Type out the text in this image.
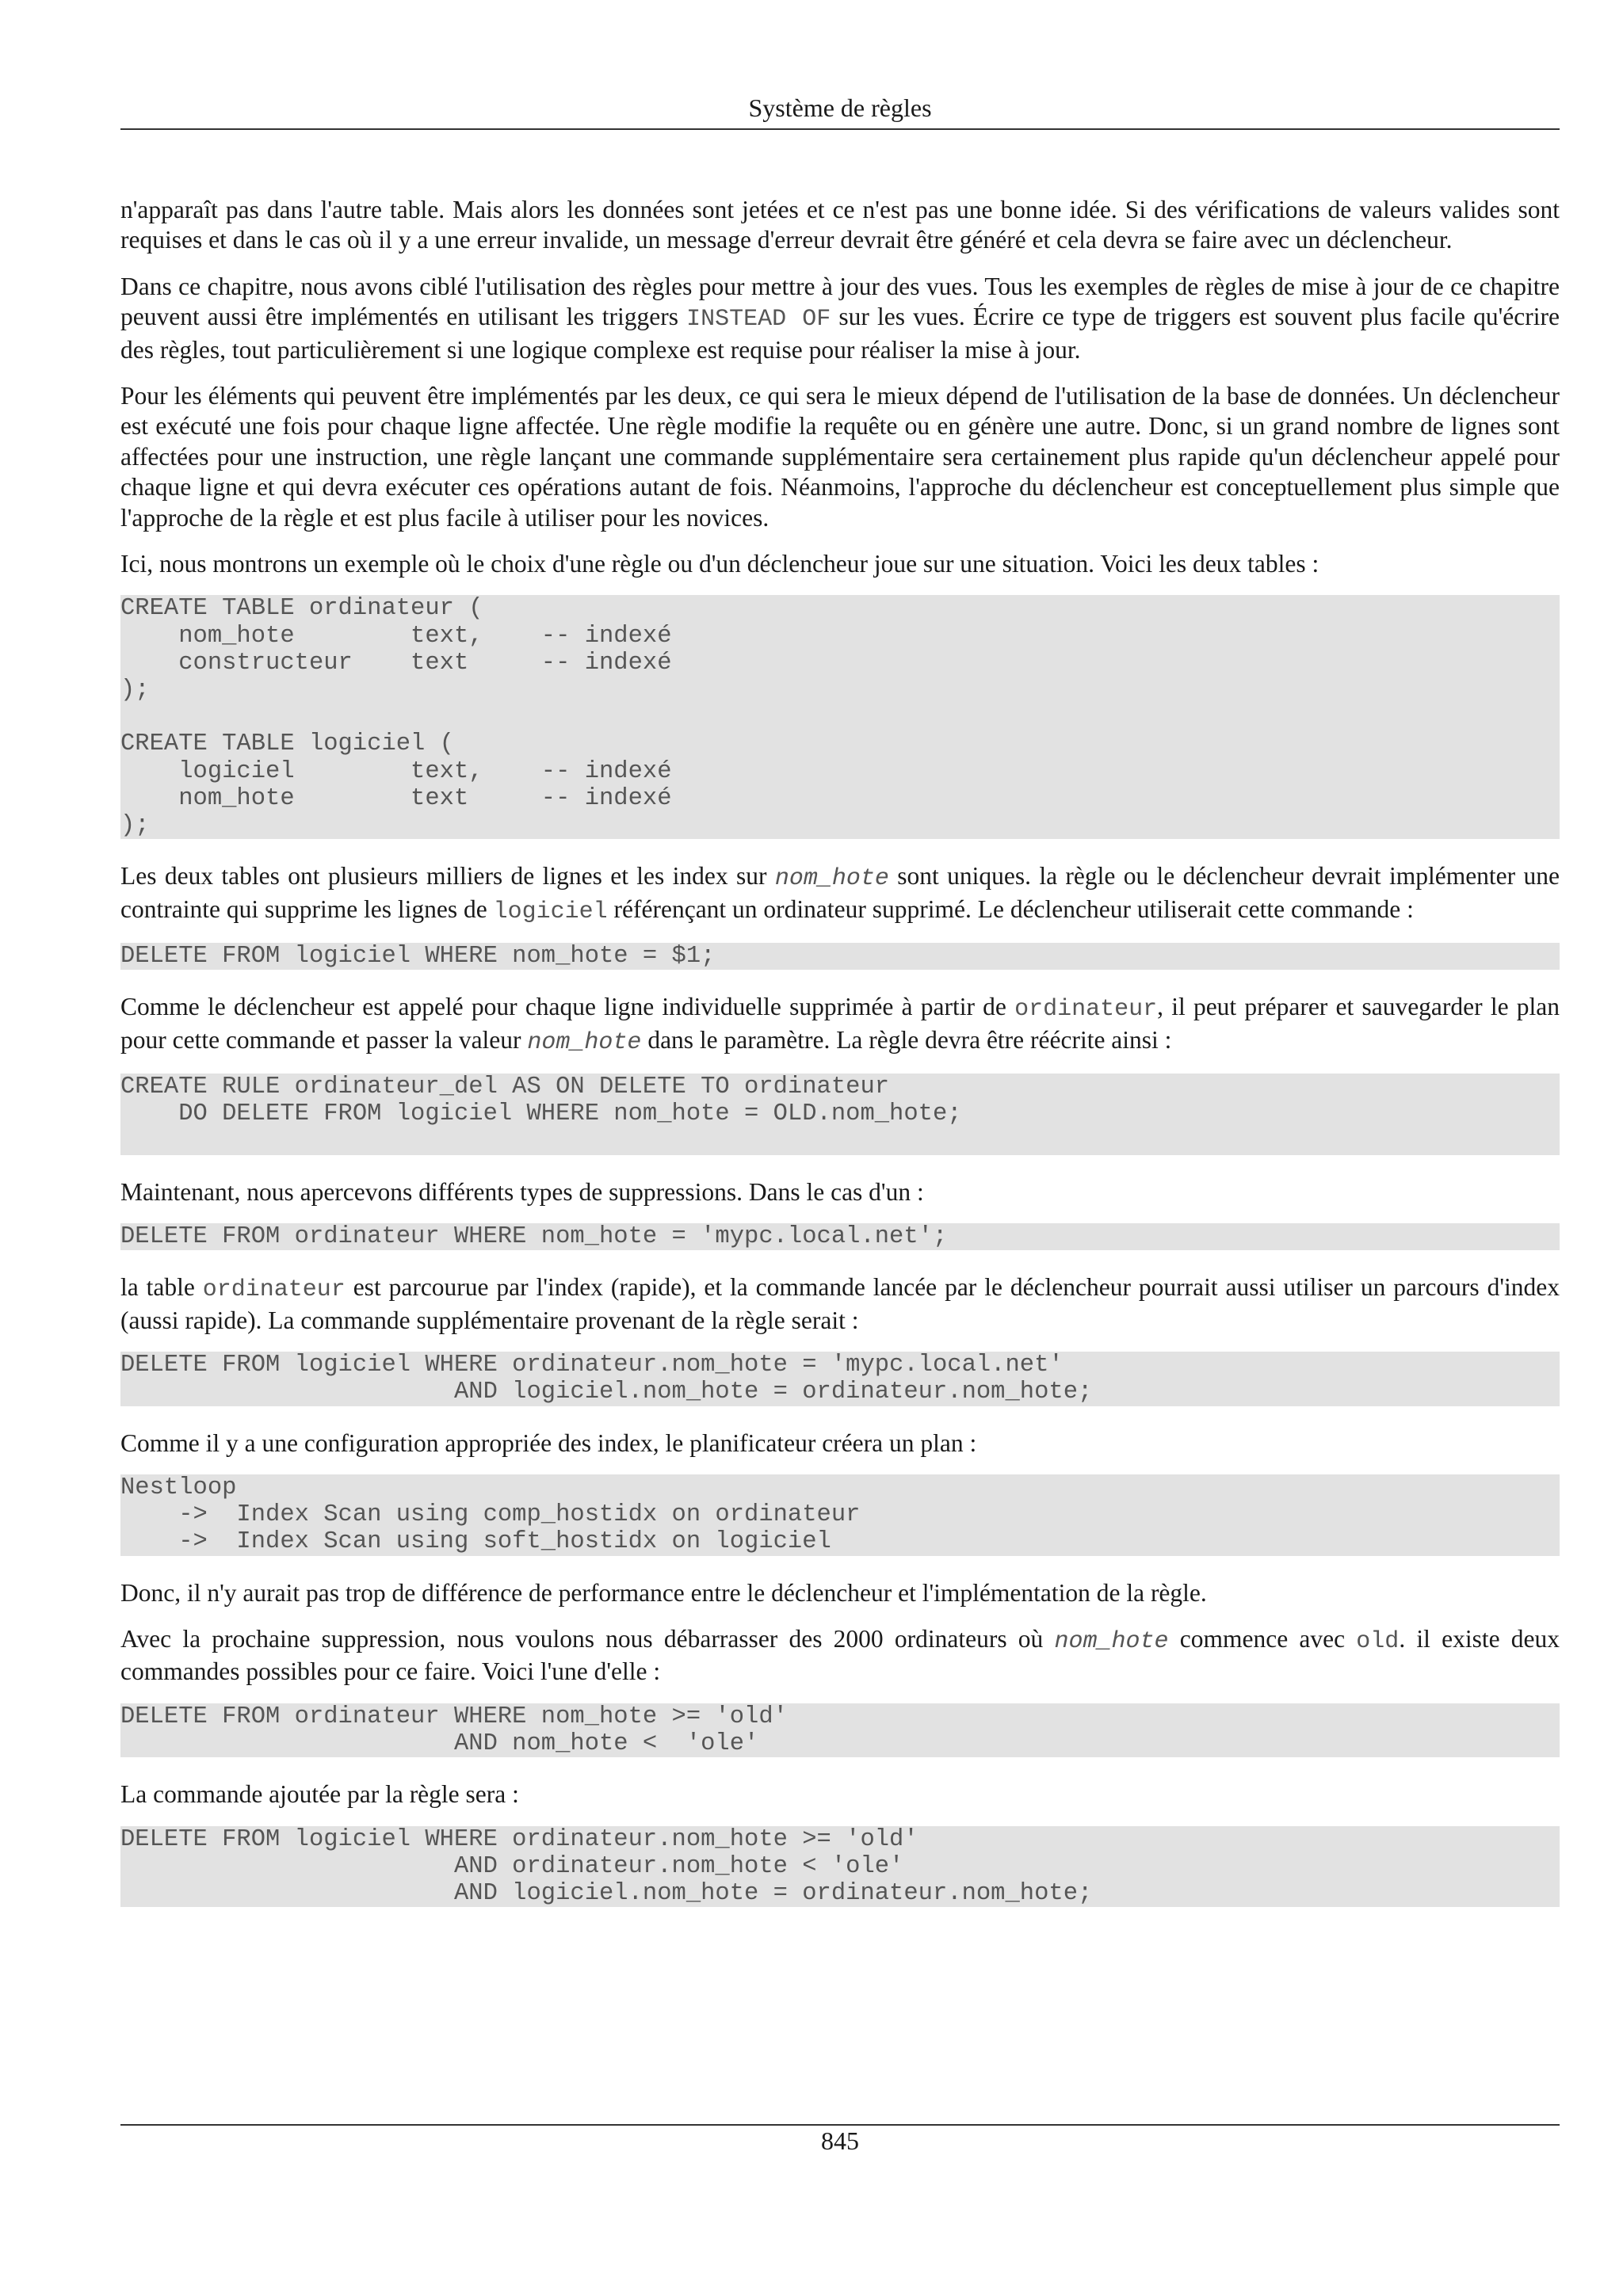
Système de règles

n'apparaît pas dans l'autre table. Mais alors les données sont jetées et ce n'est pas une bonne idée. Si des vérifications de valeurs valides sont requises et dans le cas où il y a une erreur invalide, un message d'erreur devrait être généré et cela devra se faire avec un déclencheur.

Dans ce chapitre, nous avons ciblé l'utilisation des règles pour mettre à jour des vues. Tous les exemples de règles de mise à jour de ce chapitre peuvent aussi être implémentés en utilisant les triggers INSTEAD OF sur les vues. Écrire ce type de triggers est souvent plus facile qu'écrire des règles, tout particulièrement si une logique complexe est requise pour réaliser la mise à jour.

Pour les éléments qui peuvent être implémentés par les deux, ce qui sera le mieux dépend de l'utilisation de la base de données. Un déclencheur est exécuté une fois pour chaque ligne affectée. Une règle modifie la requête ou en génère une autre. Donc, si un grand nombre de lignes sont affectées pour une instruction, une règle lançant une commande supplémentaire sera certainement plus rapide qu'un déclencheur appelé pour chaque ligne et qui devra exécuter ces opérations autant de fois. Néanmoins, l'approche du déclencheur est conceptuellement plus simple que l'approche de la règle et est plus facile à utiliser pour les novices.

Ici, nous montrons un exemple où le choix d'une règle ou d'un déclencheur joue sur une situation. Voici les deux tables :

CREATE TABLE ordinateur (
nom_hote        text,    -- indexé
constructeur    text     -- indexé
);

CREATE TABLE logiciel (
logiciel        text,    -- indexé
nom_hote        text     -- indexé
);

Les deux tables ont plusieurs milliers de lignes et les index sur nom_hote sont uniques. la règle ou le déclencheur devrait implémenter une contrainte qui supprime les lignes de logiciel référençant un ordinateur supprimé. Le déclencheur utiliserait cette commande :

DELETE FROM logiciel WHERE nom_hote = $1;

Comme le déclencheur est appelé pour chaque ligne individuelle supprimée à partir de ordinateur, il peut préparer et sauvegarder le plan pour cette commande et passer la valeur nom_hote dans le paramètre. La règle devra être réécrite ainsi :

CREATE RULE ordinateur_del AS ON DELETE TO ordinateur
DO DELETE FROM logiciel WHERE nom_hote = OLD.nom_hote;

Maintenant, nous apercevons différents types de suppressions. Dans le cas d'un :

DELETE FROM ordinateur WHERE nom_hote = 'mypc.local.net';

la table ordinateur est parcourue par l'index (rapide), et la commande lancée par le déclencheur pourrait aussi utiliser un parcours d'index (aussi rapide). La commande supplémentaire provenant de la règle serait :

DELETE FROM logiciel WHERE ordinateur.nom_hote = 'mypc.local.net'
AND logiciel.nom_hote = ordinateur.nom_hote;

Comme il y a une configuration appropriée des index, le planificateur créera un plan :

Nestloop
->  Index Scan using comp_hostidx on ordinateur
->  Index Scan using soft_hostidx on logiciel

Donc, il n'y aurait pas trop de différence de performance entre le déclencheur et l'implémentation de la règle.

Avec la prochaine suppression, nous voulons nous débarrasser des 2000 ordinateurs où nom_hote commence avec old. il existe deux commandes possibles pour ce faire. Voici l'une d'elle :

DELETE FROM ordinateur WHERE nom_hote >= 'old'
AND nom_hote <  'ole'

La commande ajoutée par la règle sera :

DELETE FROM logiciel WHERE ordinateur.nom_hote >= 'old'
AND ordinateur.nom_hote < 'ole'
AND logiciel.nom_hote = ordinateur.nom_hote;
845
